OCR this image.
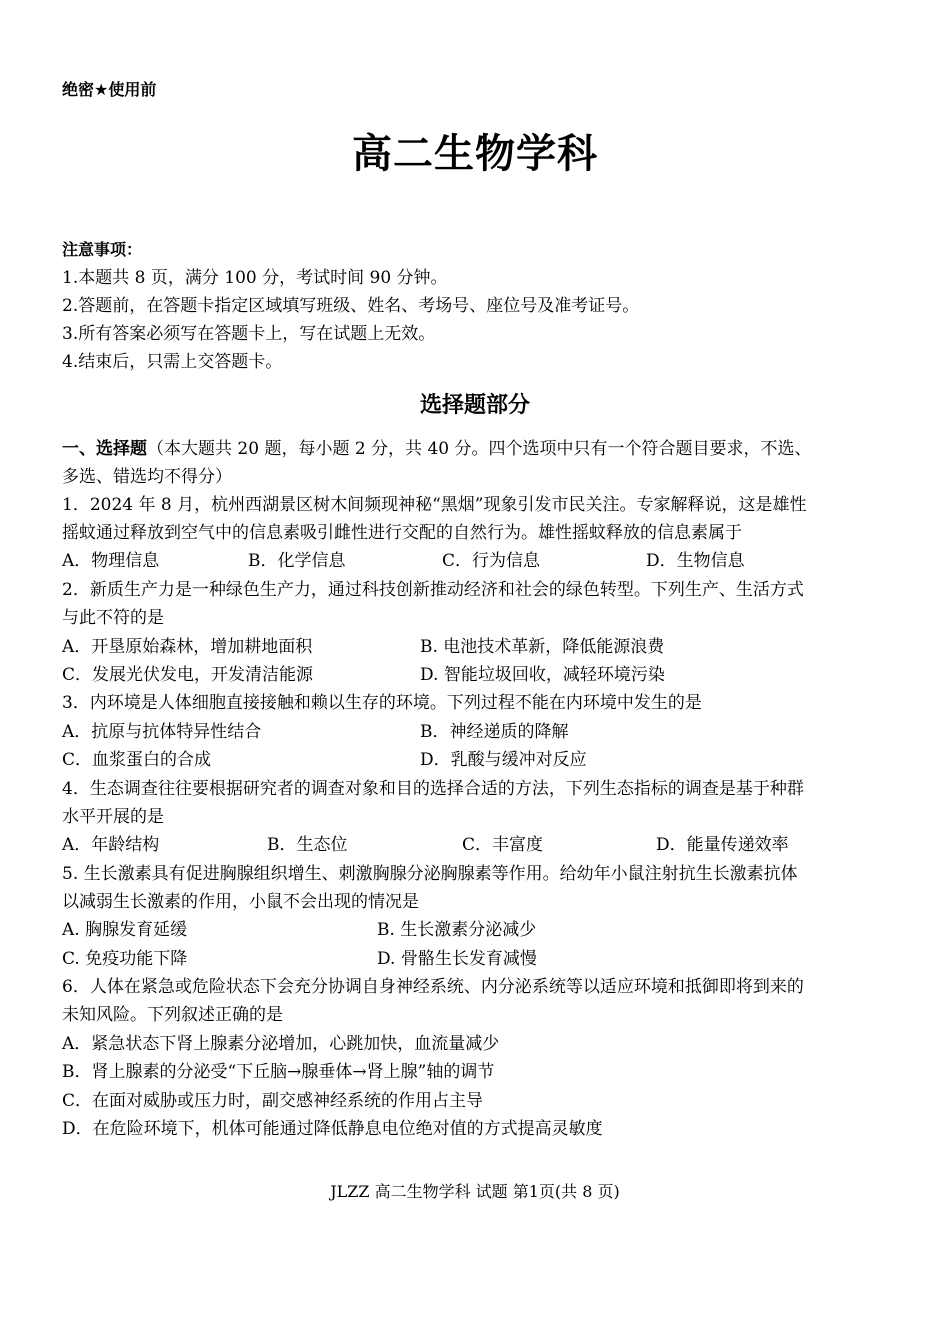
绝密★使用前
高二生物学科
注意事项：
1.本题共 8 页，满分 100 分，考试时间 90 分钟。
2.答题前，在答题卡指定区域填写班级、姓名、考场号、座位号及准考证号。
3.所有答案必须写在答题卡上，写在试题上无效。
4.结束后，只需上交答题卡。
选择题部分
一、选择题（本大题共 20 题，每小题 2 分，共 40 分。四个选项中只有一个符合题目要求，不选、
多选、错选均不得分）
1．2024 年 8 月，杭州西湖景区树木间频现神秘“黑烟”现象引发市民关注。专家解释说，这是雄性
摇蚊通过释放到空气中的信息素吸引雌性进行交配的自然行为。雄性摇蚊释放的信息素属于
A．物理信息	B．化学信息	C．行为信息	D．生物信息
2．新质生产力是一种绿色生产力，通过科技创新推动经济和社会的绿色转型。下列生产、生活方式
与此不符的是
A．开垦原始森林，增加耕地面积	B. 电池技术革新，降低能源浪费
C．发展光伏发电，开发清洁能源	D. 智能垃圾回收，减轻环境污染
3．内环境是人体细胞直接接触和赖以生存的环境。下列过程不能在内环境中发生的是
A．抗原与抗体特异性结合	B．神经递质的降解
C．血浆蛋白的合成	D．乳酸与缓冲对反应
4．生态调查往往要根据研究者的调查对象和目的选择合适的方法，下列生态指标的调查是基于种群
水平开展的是
A．年龄结构	B．生态位	C．丰富度	D．能量传递效率
5. 生长激素具有促进胸腺组织增生、刺激胸腺分泌胸腺素等作用。给幼年小鼠注射抗生长激素抗体
以减弱生长激素的作用，小鼠不会出现的情况是
A. 胸腺发育延缓	B. 生长激素分泌减少
C. 免疫功能下降	D. 骨骼生长发育减慢
6．人体在紧急或危险状态下会充分协调自身神经系统、内分泌系统等以适应环境和抵御即将到来的
未知风险。下列叙述正确的是
A．紧急状态下肾上腺素分泌增加，心跳加快，血流量减少
B．肾上腺素的分泌受“下丘脑→腺垂体→肾上腺”轴的调节
C．在面对威胁或压力时，副交感神经系统的作用占主导
D．在危险环境下，机体可能通过降低静息电位绝对值的方式提高灵敏度
JLZZ 高二生物学科 试题 第1页(共 8 页)
